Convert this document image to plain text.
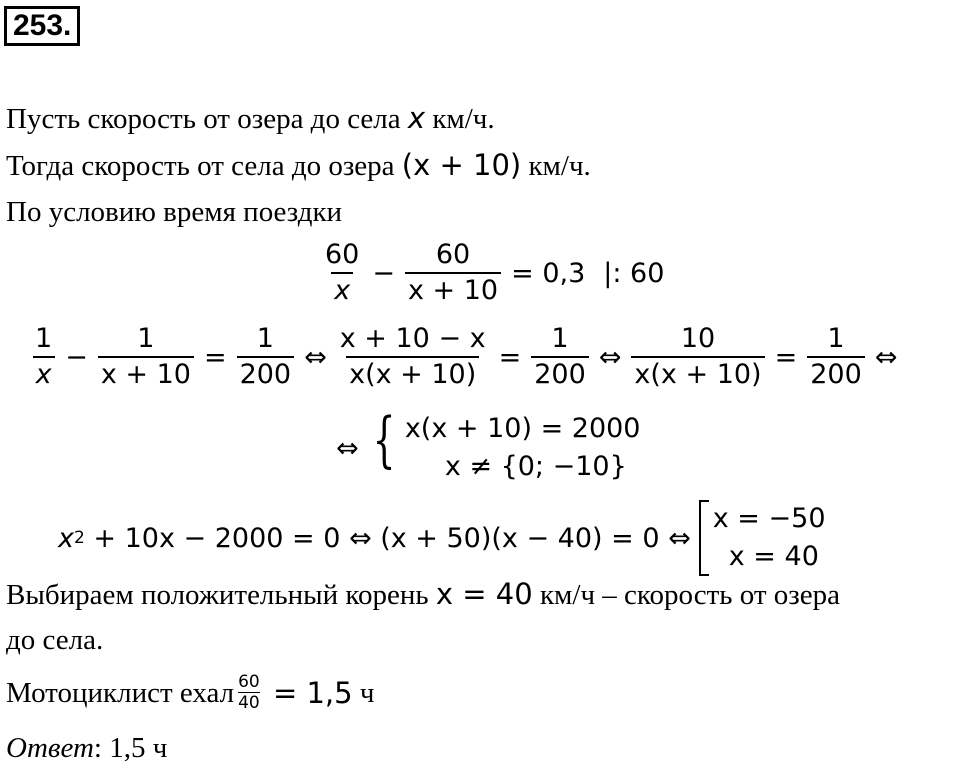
253.
Пусть скорость от озера до села x км/ч.
Тогда скорость от села до озера (x + 10) км/ч.
По условию время поездки
$\frac{60}{x} - \frac{60}{x + 10} = 0,3$ |: 60
$\frac{1}{x} - \frac{1}{x + 10} = \frac{1}{200}$ ⇔ $\frac{x + 10 - x}{x(x + 10)} = \frac{1}{200}$ ⇔ $\frac{10}{x(x + 10)} = \frac{1}{200}$ ⇔
⇔ { x(x + 10) = 2000
x ≠ {0; −10}
x 2 + 10x − 2000 = 0 ⇔ (x + 50)(x − 40) = 0 ⇔
x = −50
x = 40
Выбираем положительный корень x = 40 км/ч – скорость от озера
до села.
Мотоциклист ехал $\frac{60}{40} = 1,5$ ч
Ответ: 1,5 ч
